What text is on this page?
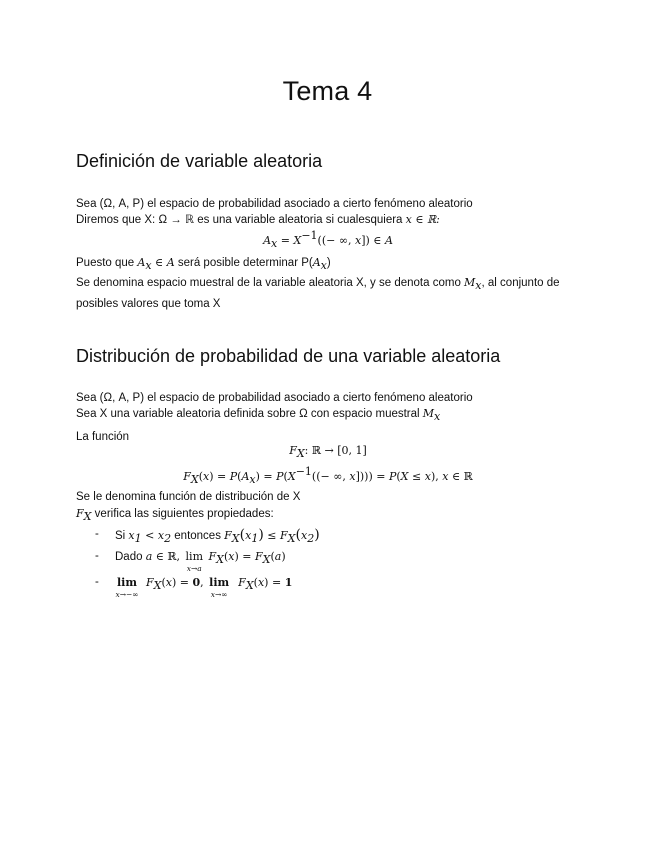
Tema 4
Definición de variable aleatoria
Sea (Ω, A, P) el espacio de probabilidad asociado a cierto fenómeno aleatorio
Diremos que X: Ω → ℝ es una variable aleatoria si cualesquiera x ∈ ℝ:
$A_x = X^{-1}((-$ ∞, x]) ∈ A
Puesto que $A_x$ ∈ A será posible determinar $P(A_x)$
Se denomina espacio muestral de la variable aleatoria X, y se denota como $M_x$, al conjunto de posibles valores que toma X
Distribución de probabilidad de una variable aleatoria
Sea (Ω, A, P) el espacio de probabilidad asociado a cierto fenómeno aleatorio
Sea X una variable aleatoria definida sobre Ω con espacio muestral $M_x$
La función
$F_X$: ℝ → [0, 1]
$F_X(x) = P(A_x) = P(X^{-1}((-$ ∞, x]))) = P(X ≤ x), x ∈ ℝ
Se le denomina función de distribución de X
$F_X$ verifica las siguientes propiedades:
- Si $x_1 < x_2$ entonces $F_X(x_1) \le F_X(x_2)$
- Dado a ∈ ℝ, lim
x→a
$F_X(x) = F_X(a)$
- lim
x→−∞
$F_X(x) = 0$, lim
x→∞
$F_X(x) = 1$
